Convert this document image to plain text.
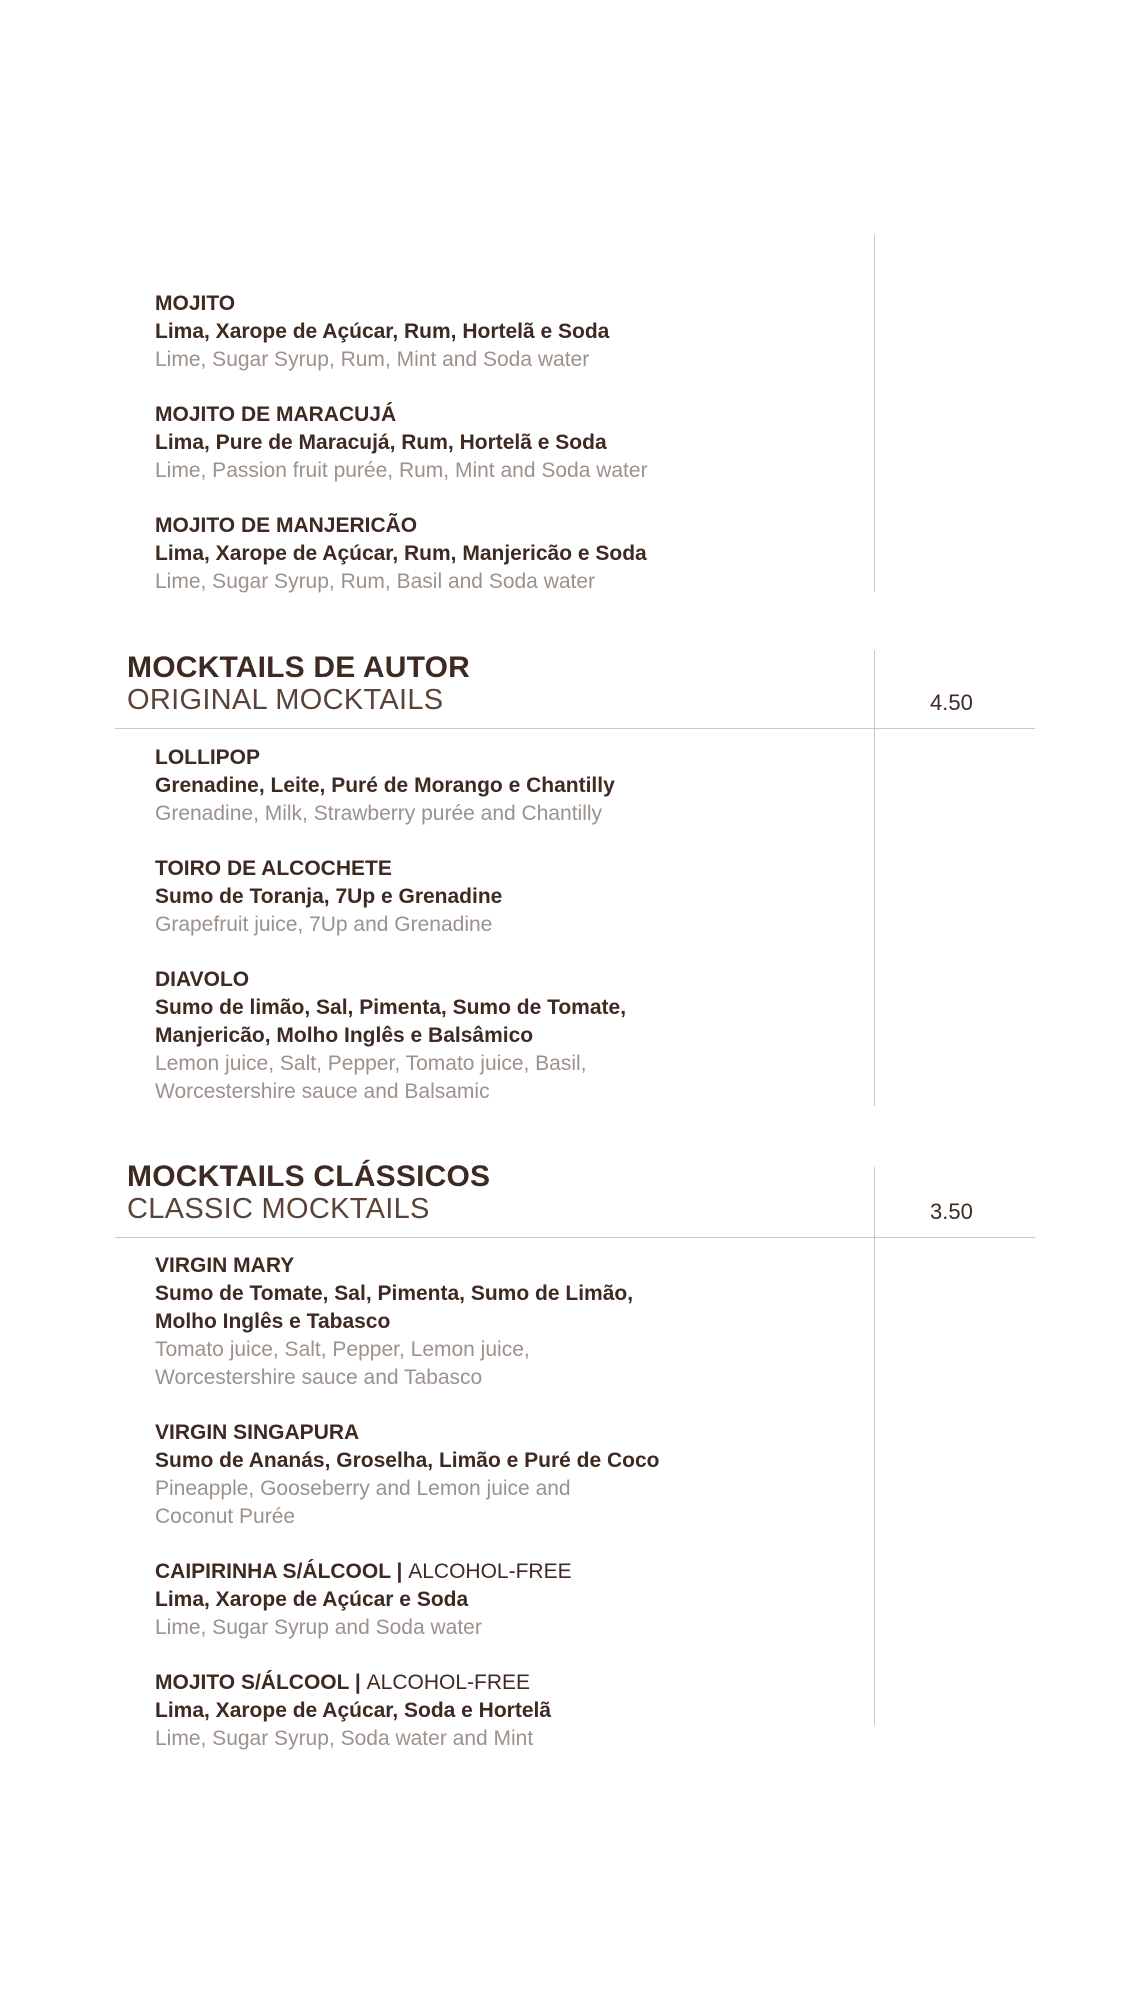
MOJITO
Lima, Xarope de Açúcar, Rum, Hortelã e Soda
Lime, Sugar Syrup, Rum, Mint and Soda water
MOJITO DE MARACUJÁ
Lima, Pure de Maracujá, Rum, Hortelã e Soda
Lime, Passion fruit purée, Rum, Mint and Soda water
MOJITO DE MANJERICÃO
Lima, Xarope de Açúcar, Rum, Manjericão e Soda
Lime, Sugar Syrup, Rum, Basil and Soda water
MOCKTAILS DE AUTOR
ORIGINAL MOCKTAILS	4.50
LOLLIPOP
Grenadine, Leite, Puré de Morango e Chantilly
Grenadine, Milk, Strawberry purée and Chantilly
TOIRO DE ALCOCHETE
Sumo de Toranja, 7Up e Grenadine
Grapefruit juice, 7Up and Grenadine
DIAVOLO
Sumo de limão, Sal, Pimenta, Sumo de Tomate,
Manjericão, Molho Inglês e Balsâmico
Lemon juice, Salt, Pepper, Tomato juice, Basil,
Worcestershire sauce and Balsamic
MOCKTAILS CLÁSSICOS
CLASSIC MOCKTAILS	3.50
VIRGIN MARY
Sumo de Tomate, Sal, Pimenta, Sumo de Limão,
Molho Inglês e Tabasco
Tomato juice, Salt, Pepper, Lemon juice,
Worcestershire sauce and Tabasco
VIRGIN SINGAPURA
Sumo de Ananás, Groselha, Limão e Puré de Coco
Pineapple, Gooseberry and Lemon juice and
Coconut Purée
CAIPIRINHA S/ÁLCOOL | ALCOHOL-FREE
Lima, Xarope de Açúcar e Soda
Lime, Sugar Syrup and Soda water
MOJITO S/ÁLCOOL | ALCOHOL-FREE
Lima, Xarope de Açúcar, Soda e Hortelã
Lime, Sugar Syrup, Soda water and Mint
